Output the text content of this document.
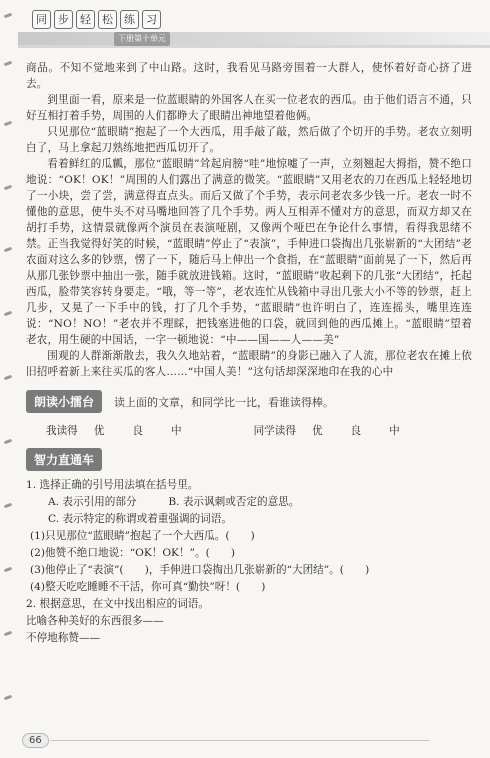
同	步	轻	松	练	习
下册第十单元

商品。不知不觉地来到了中山路。这时，我看见马路旁围着一大群人，使怀着好奇心挤了进去。

到里面一看，原来是一位蓝眼睛的外国客人在买一位老农的西瓜。由于他们语言不通，只好互相打着手势，周围的人们都睁大了眼睛出神地望着他俩。

只见那位“蓝眼睛”抱起了一个大西瓜，用手敲了敲，然后做了个切开的手势。老农立刻明白了，马上拿起刀熟练地把西瓜切开了。

看着鲜红的瓜瓤，那位“蓝眼睛”耸起肩膀“哇”地惊嘘了一声，立刻翘起大拇指，赞不绝口地说：“OK！OK！”周围的人们露出了满意的微笑。“蓝眼睛”又用老农的刀在西瓜上轻轻地切了一小块，尝了尝，满意得直点头。而后又做了个手势，表示问老农多少钱一斤。老农一时不懂他的意思，使牛头不对马嘴地回答了几个手势。两人互相弄不懂对方的意思，而双方却又在胡打手势，这情景就像两个演员在表演哑剧，又像两个哑巴在争论什么事情，看得我思绪不禁。正当我觉得好笑的时候，“蓝眼睛”停止了“表演”，手伸进口袋掏出几张崭新的“大团结”老农面对这么多的钞票，愣了一下，随后马上伸出一个食指，在“蓝眼睛”面前晃了一下，然后再从那几张钞票中抽出一张，随手就放进钱箱。这时，“蓝眼睛”收起剩下的几张“大团结”，托起西瓜，脸带笑容转身要走。“哦，等一等”，老农连忙从钱箱中寻出几张大小不等的钞票，赶上几步，又晃了一下手中的钱，打了几个手势，“蓝眼睛”也许明白了，连连摇头，嘴里连连说：“NO！NO！”老农并不理睬，把钱塞进他的口袋，就回到他的西瓜摊上。“蓝眼睛”望着老农，用生硬的中国话，一字一顿地说：“中——国——人——美”

围观的人群渐渐散去，我久久地站着，“蓝眼睛”的身影已融入了人流，那位老农在摊上依旧招呼着新上来往买瓜的客人……“中国人美！”这句话却深深地印在我的心中

朗读小擂台	读上面的文章，和同学比一比，看谁读得棒。
我读得 优	良	中	同学读得 优	良	中
智力直通车

1. 选择正确的引号用法填在括号里。

A. 表示引用的部分　　　B. 表示讽刺或否定的意思。

C. 表示特定的称谓或着重强调的词语。

(1)只见那位“蓝眼睛”抱起了一个大西瓜。(　　)

(2)他赞不绝口地说：“OK！OK！”。(　　)

(3)他停止了“表演”(　　)，手伸进口袋掏出几张崭新的“大团结”。(　　)

(4)整天吃吃睡睡不干活，你可真“勤快”呀！(　　)

2. 根据意思，在文中找出相应的词语。

比喻各种美好的东西很多——

不停地称赞——

66
